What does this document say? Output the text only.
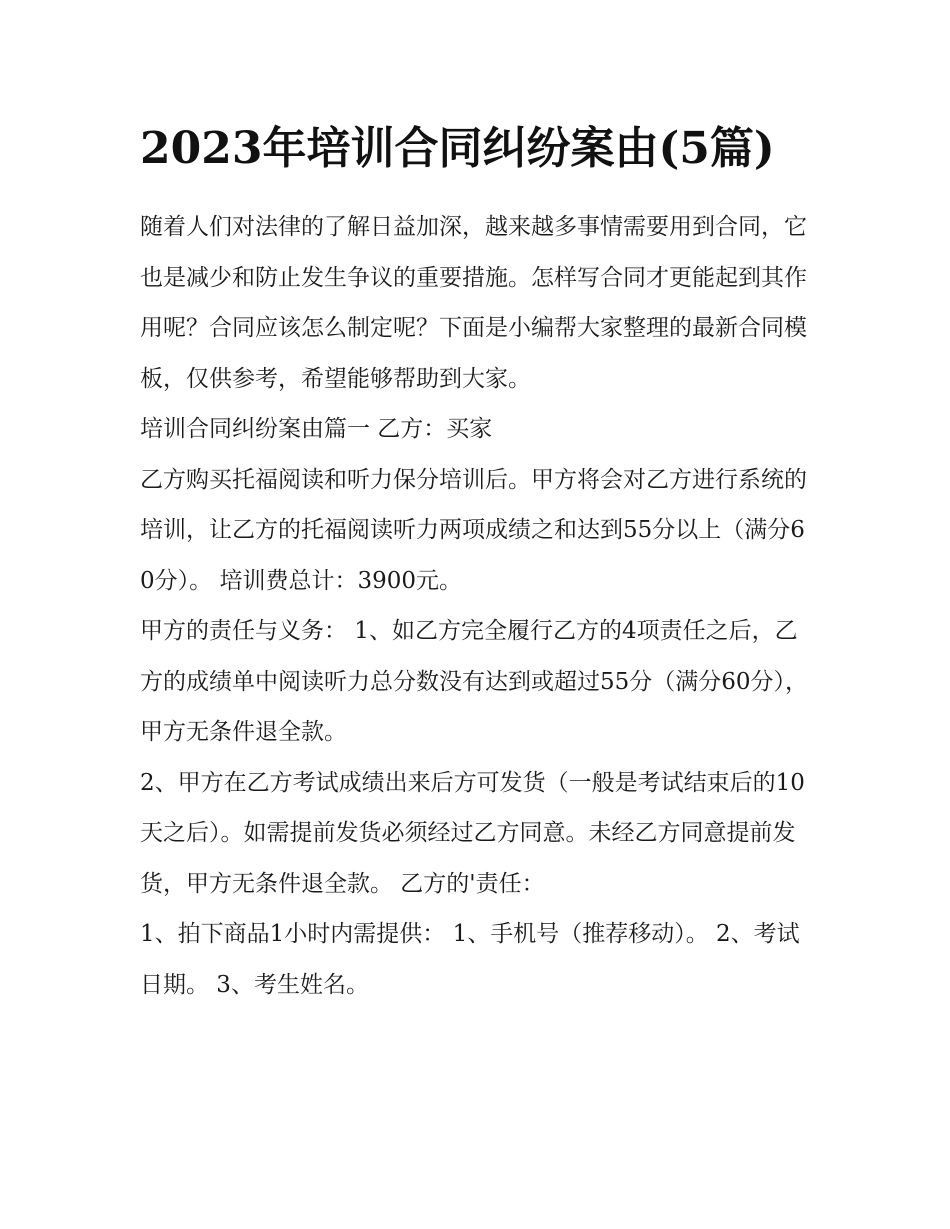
2023年培训合同纠纷案由(5篇)

随着人们对法律的了解日益加深，越来越多事情需要用到合同，它也是减少和防止发生争议的重要措施。怎样写合同才更能起到其作用呢？合同应该怎么制定呢？下面是小编帮大家整理的最新合同模板，仅供参考，希望能够帮助到大家。

培训合同纠纷案由篇一 乙方：买家

乙方购买托福阅读和听力保分培训后。甲方将会对乙方进行系统的培训，让乙方的托福阅读听力两项成绩之和达到55分以上（满分60分）。 培训费总计：3900元。

甲方的责任与义务： 1、如乙方完全履行乙方的4项责任之后，乙方的成绩单中阅读听力总分数没有达到或超过55分（满分60分），甲方无条件退全款。

2、甲方在乙方考试成绩出来后方可发货（一般是考试结束后的10天之后）。如需提前发货必须经过乙方同意。未经乙方同意提前发货，甲方无条件退全款。 乙方的'责任：

1、拍下商品1小时内需提供： 1、手机号（推荐移动）。 2、考试日期。 3、考生姓名。
